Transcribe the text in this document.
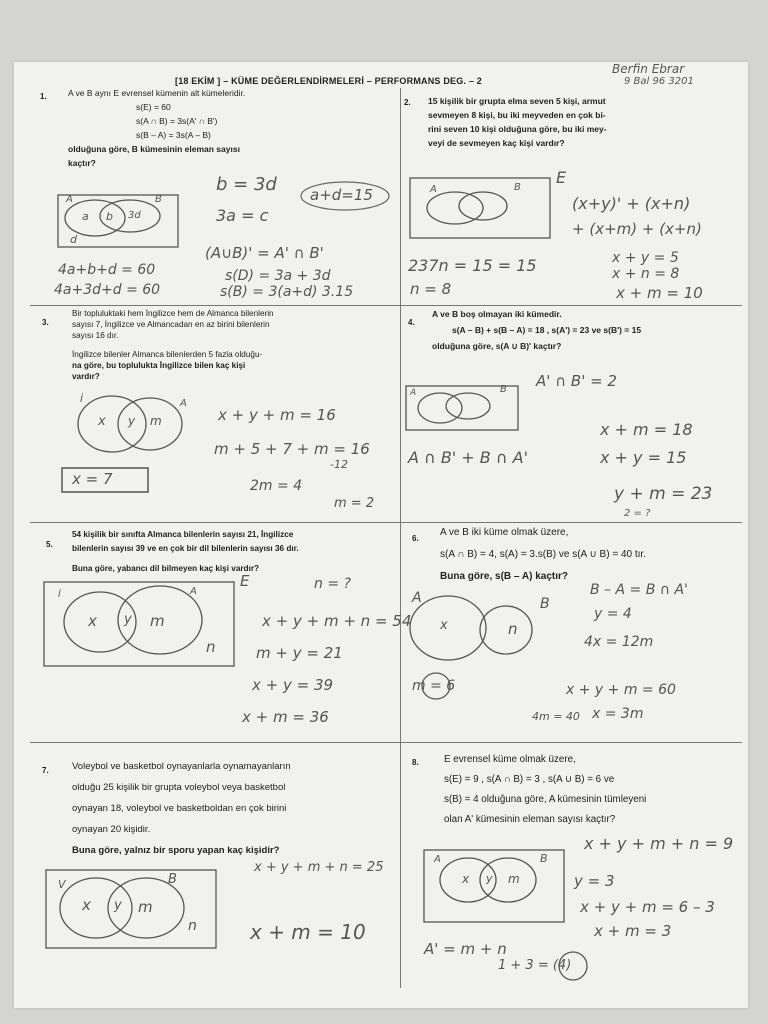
[18 EKİM ] – KÜME DEĞERLENDİRMELERİ – PERFORMANS DEG. – 2
Berfin Ebrar
9 Bal 96 3201
1.	A ve B aynı E evrensel kümenin alt kümeleridir.
s(E) = 60
s(A ∩ B) = 3s(A' ∩ B')
s(B – A) = 3s(A – B)
olduğuna göre, B kümesinin eleman sayısı
kaçtır?
A	B
a b 3d
d
b = 3d
3a = c
a+d=15
(A∪B)' = A' ∩ B'
s(D) = 3a + 3d
s(B) = 3(a+d) 3.15
4a+b+d = 60
4a+3d+d = 60
2. 15 kişilik bir grupta elma seven 5 kişi, armut
sevmeyen 8 kişi, bu iki meyveden en çok bi-
rini seven 10 kişi olduğuna göre, bu iki mey-
veyi de sevmeyen kaç kişi vardır?
A	B
E
(x+y)' + (x+n)
+ (x+m) + (x+n)
x + y = 5
x + n = 8
x + m = 10
237n = 15 = 15
n = 8
3.
Bir topluluktaki hem İngilizce hem de Almanca bilenlerin
sayısı 7, İngilizce ve Almancadan en az birini bilenlerin
sayısı 16 dır.
İngilizce bilenler Almanca bilenlerden 5 fazla olduğu-
na göre, bu toplulukta İngilizce bilen kaç kişi
vardır?
İ	A
x y m
x = 7
x + y + m = 16
m + 5 + 7 + m = 16
-12
2m = 4
m = 2
4.
A ve B boş olmayan iki kümedir.
s(A – B) + s(B – A) = 18 , s(A') = 23 ve s(B') = 15
olduğuna göre, s(A ∪ B)' kaçtır?
A	B A' ∩ B' = 2
x + m = 18
x + y = 15
y + m = 23
A ∩ B' + B ∩ A'
2 = ?
5.
54 kişilik bir sınıfta Almanca bilenlerin sayısı 21, İngilizce
bilenlerin sayısı 39 ve en çok bir dil bilenlerin sayısı 36 dır.
Buna göre, yabancı dil bilmeyen kaç kişi vardır?
İ	A
E
x y m
n
n = ?
x + y + m + n = 54
m + y = 21
x + y = 39
x + m = 36
6.
A ve B iki küme olmak üzere,
s(A ∩ B) = 4, s(A) = 3.s(B) ve s(A ∪ B) = 40 tır.
Buna göre, s(B – A) kaçtır?
A	B
x	n
B – A = B ∩ A'
y = 4
4x = 12m
m = 6	x + y + m = 60
x = 3m
4m = 40
7. Voleybol ve basketbol oynayanlarla oynamayanların
olduğu 25 kişilik bir grupta voleybol veya basketbol
oynayan 18, voleybol ve basketboldan en çok birini
oynayan 20 kişidir.
Buna göre, yalnız bir sporu yapan kaç kişidir?
V	B
x y m
n
x + y + m + n = 25
x + m = 10
8.	E evrensel küme olmak üzere,
s(E) = 9 , s(A ∩ B) = 3 , s(A ∪ B) = 6 ve
s(B) = 4 olduğuna göre, A kümesinin tümleyeni
olan A' kümesinin eleman sayısı kaçtır?
A	B
x y m
x + y + m + n = 9
y = 3
x + y + m = 6 – 3
x + m = 3
A' = m + n
1 + 3 = (4)
